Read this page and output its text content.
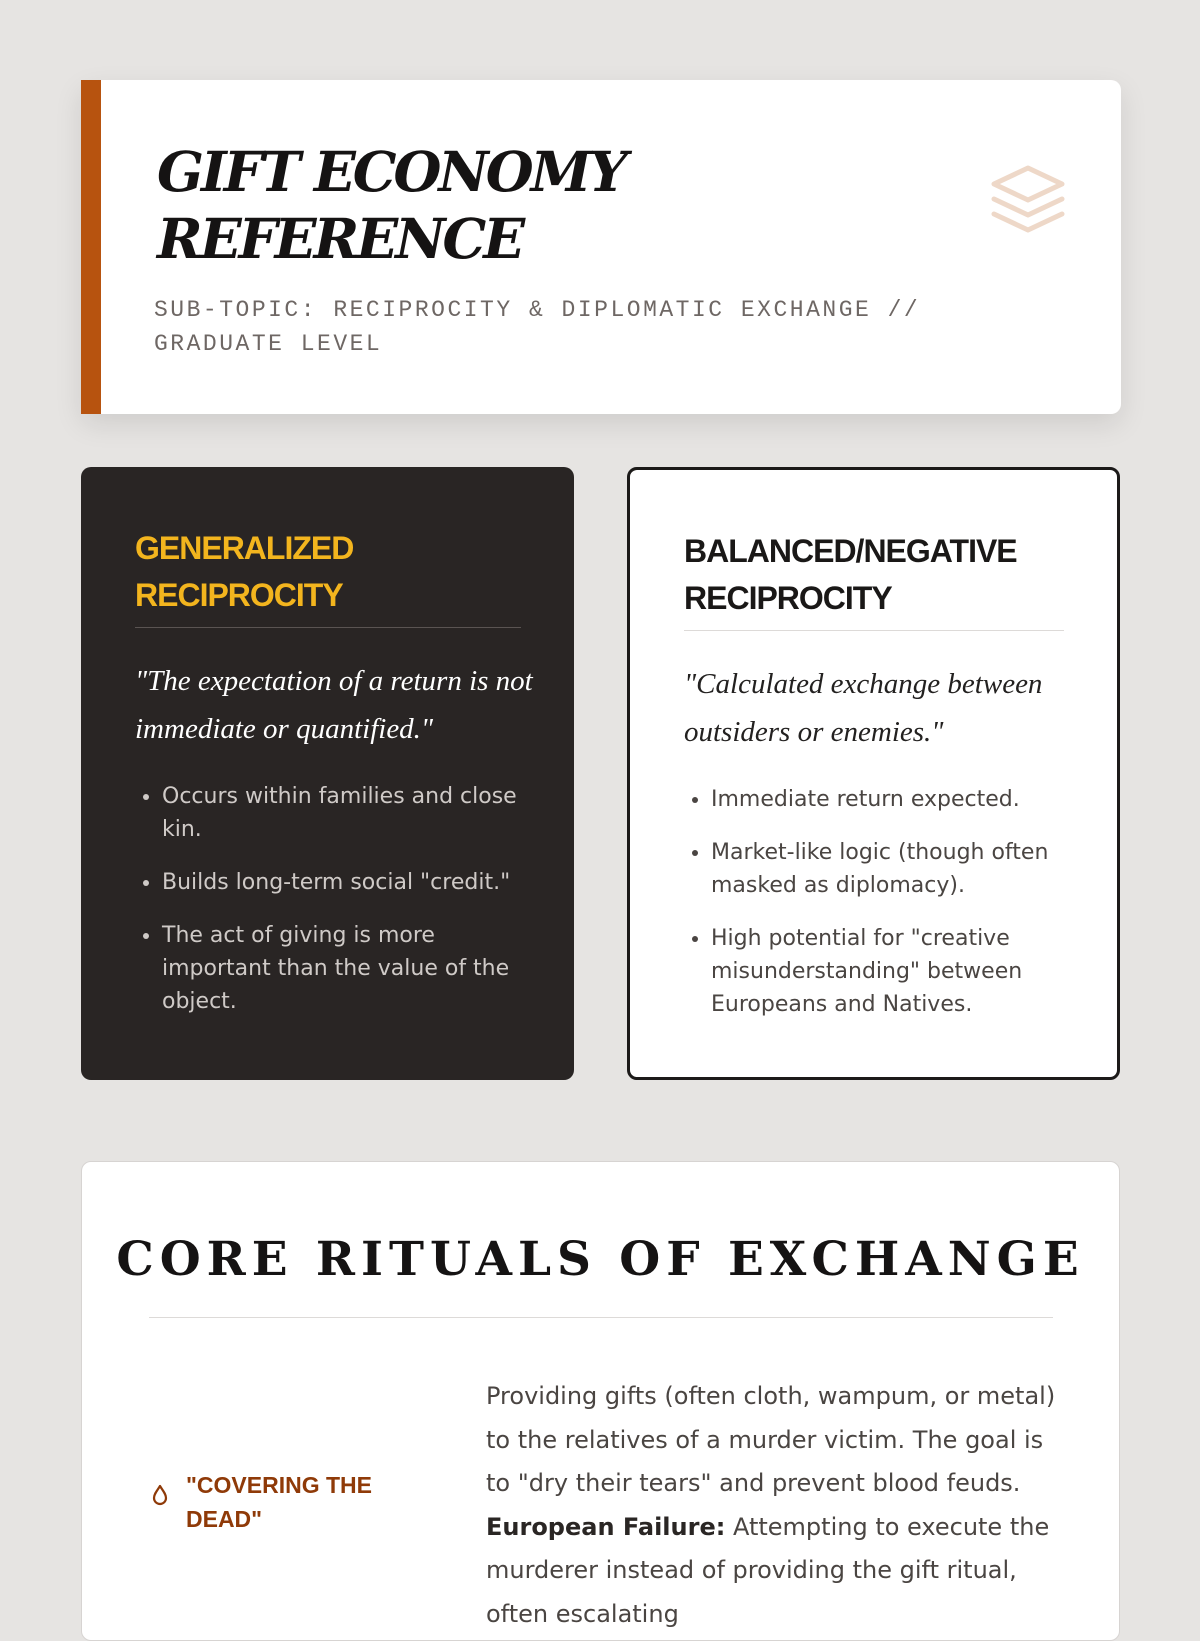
GIFT ECONOMY REFERENCE
SUB-TOPIC: RECIPROCITY & DIPLOMATIC EXCHANGE // GRADUATE LEVEL
GENERALIZED RECIPROCITY

"The expectation of a return is not immediate or quantified."

• Occurs within families and close kin.
• Builds long-term social "credit."
• The act of giving is more important than the value of the object.
BALANCED/NEGATIVE RECIPROCITY

"Calculated exchange between outsiders or enemies."

• Immediate return expected.
• Market-like logic (though often masked as diplomacy).
• High potential for "creative misunderstanding" between Europeans and Natives.
CORE RITUALS OF EXCHANGE
"COVERING THE DEAD"

Providing gifts (often cloth, wampum, or metal) to the relatives of a murder victim. The goal is to "dry their tears" and prevent blood feuds. European Failure: Attempting to execute the murderer instead of providing the gift ritual, often escalating
